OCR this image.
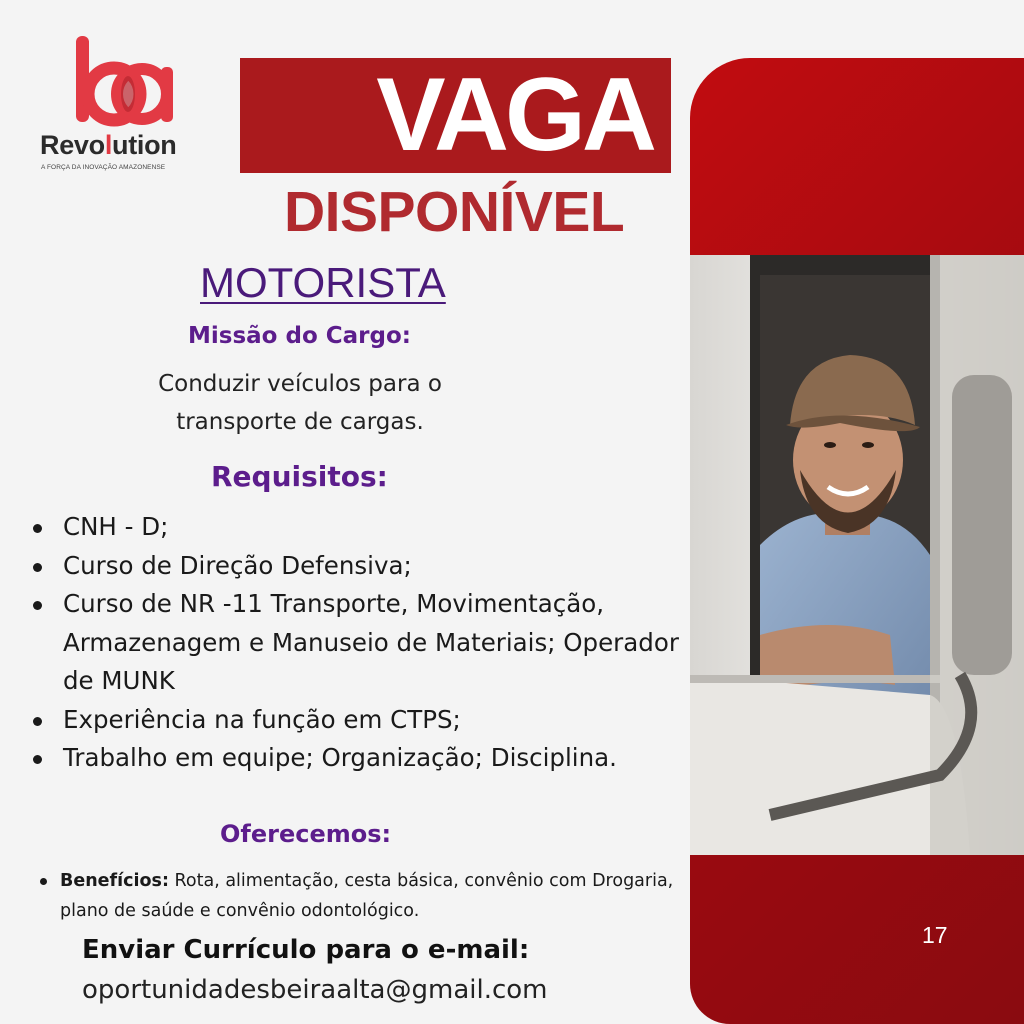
Revolution
A FORÇA DA INOVAÇÃO AMAZONENSE	VAGA
DISPONÍVEL
MOTORISTA
Missão do Cargo:
Conduzir veículos para o
transporte de cargas.
Requisitos:
CNH - D;
Curso de Direção Defensiva;
Curso de NR -11 Transporte, Movimentação, Armazenagem e Manuseio de Materiais; Operador de MUNK
Experiência na função em CTPS;
Trabalho em equipe; Organização; Disciplina.
Oferecemos:
Benefícios: Rota, alimentação, cesta básica, convênio com Drogaria, plano de saúde e convênio odontológico.
Enviar Currículo para o e-mail:
oportunidadesbeiraalta@gmail.com
17
